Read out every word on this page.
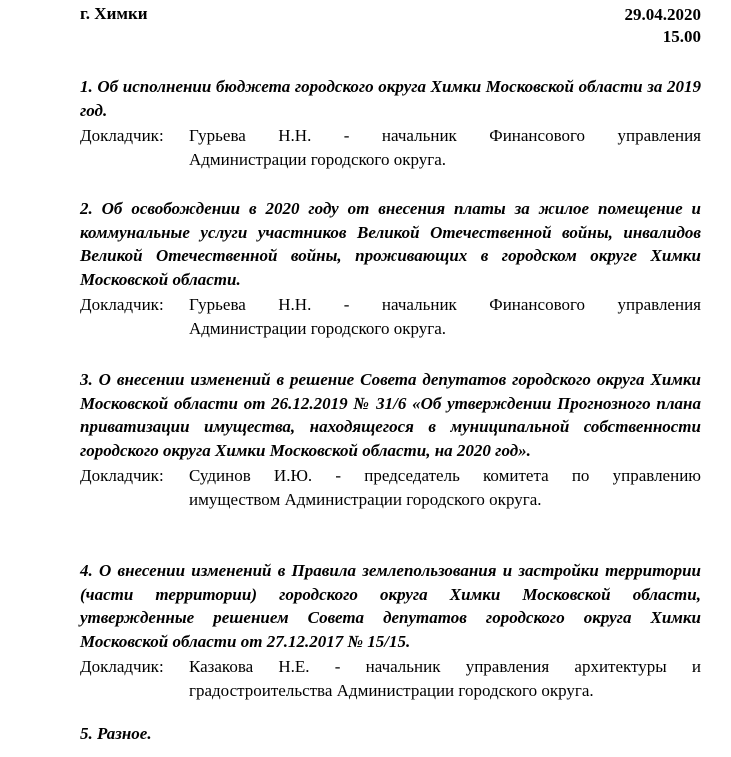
г. Химки	29.04.2020
15.00

1. Об исполнении бюджета городского округа Химки Московской области за 2019 год.

Докладчик:	Гурьева Н.Н. - начальник Финансового управления
Администрации городского округа.

2. Об освобождении в 2020 году от внесения платы за жилое помещение и коммунальные услуги участников Великой Отечественной войны, инвалидов Великой Отечественной войны, проживающих в городском округе Химки Московской области.

Докладчик:	Гурьева Н.Н. - начальник Финансового управления
Администрации городского округа.

3. О внесении изменений в решение Совета депутатов городского округа Химки Московской области от 26.12.2019 № 31/6 «Об утверждении Прогнозного плана приватизации имущества, находящегося в муниципальной собственности городского округа Химки Московской области, на 2020 год».

Докладчик:	Судинов И.Ю. - председатель комитета по управлению
имуществом Администрации городского округа.

4. О внесении изменений в Правила землепользования и застройки территории (части территории) городского округа Химки Московской области, утвержденные решением Совета депутатов городского округа Химки Московской области от 27.12.2017 № 15/15.

Докладчик:	Казакова Н.Е. - начальник управления архитектуры и
градостроительства Администрации городского округа.

5. Разное.
